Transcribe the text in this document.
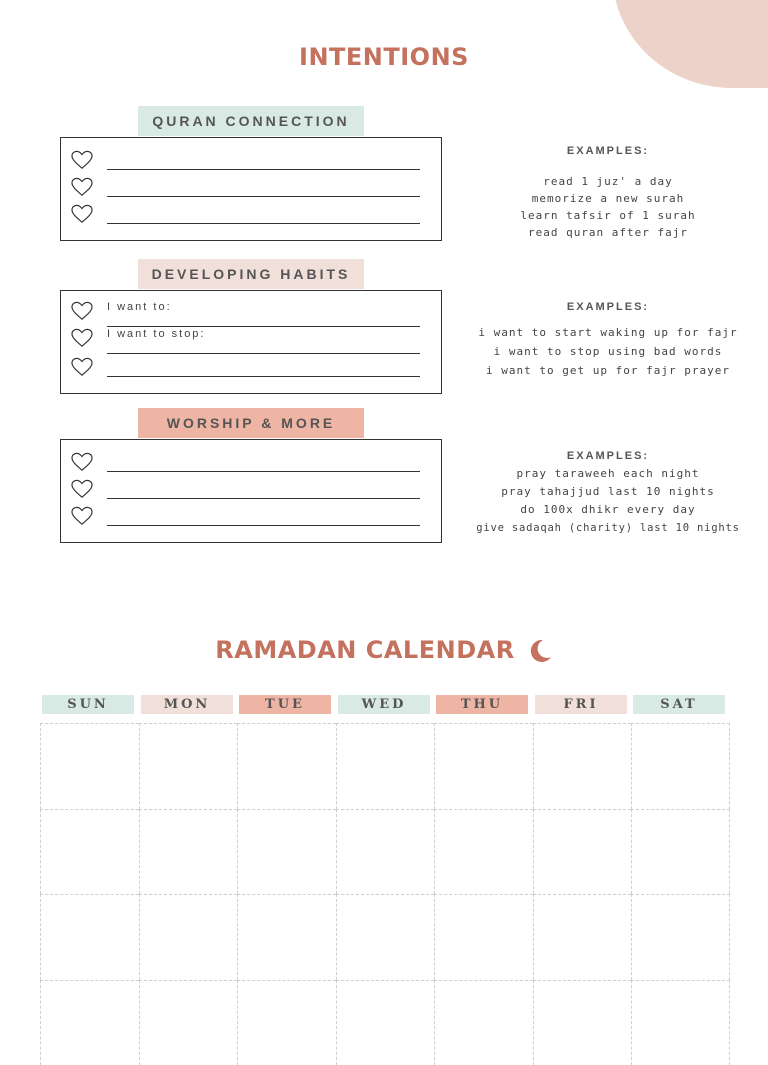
INTENTIONS
QURAN CONNECTION
EXAMPLES:
read 1 juz' a day
memorize a new surah
learn tafsir of 1 surah
read quran after fajr
DEVELOPING HABITS
I want to:
I want to stop:
EXAMPLES:
i want to start waking up for fajr
i want to stop using bad words
i want to get up for fajr prayer
WORSHIP & MORE
EXAMPLES:
pray taraweeh each night
pray tahajjud last 10 nights
do 100x dhikr every day
give sadaqah (charity) last 10 nights
RAMADAN CALENDAR
SUN	MON	TUE	WED	THU	FRI	SAT
